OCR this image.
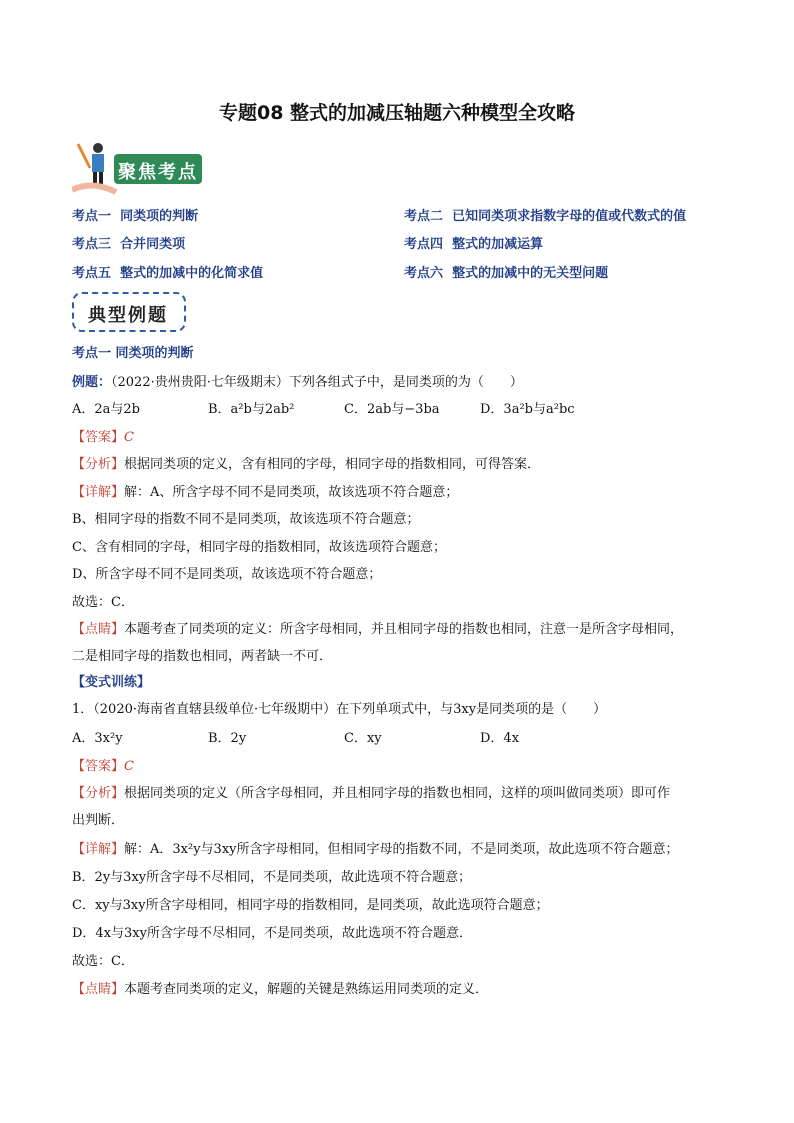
专题08 整式的加减压轴题六种模型全攻略
聚焦考点
考点一 同类项的判断	考点二 已知同类项求指数字母的值或代数式的值
考点三 合并同类项	考点四 整式的加减运算
考点五 整式的加减中的化简求值	考点六 整式的加减中的无关型问题
典型例题
考点一 同类项的判断
例题：（2022·贵州贵阳·七年级期末）下列各组式子中，是同类项的为（　　）
A．2a与2b	B．a²b与2ab²	C．2ab与−3ba	D．3a²b与a²bc
【答案】C
【分析】根据同类项的定义，含有相同的字母，相同字母的指数相同，可得答案．
【详解】解：A、所含字母不同不是同类项，故该选项不符合题意；
B、相同字母的指数不同不是同类项，故该选项不符合题意；
C、含有相同的字母，相同字母的指数相同，故该选项符合题意；
D、所含字母不同不是同类项，故该选项不符合题意；
故选：C．
【点睛】本题考查了同类项的定义：所含字母相同，并且相同字母的指数也相同，注意一是所含字母相同，
二是相同字母的指数也相同，两者缺一不可．
【变式训练】
1．（2020·海南省直辖县级单位·七年级期中）在下列单项式中，与3xy是同类项的是（　　）
A．3x²y	B．2y	C．xy	D．4x
【答案】C
【分析】根据同类项的定义（所含字母相同，并且相同字母的指数也相同，这样的项叫做同类项）即可作
出判断．
【详解】解：A．3x²y与3xy所含字母相同，但相同字母的指数不同，不是同类项，故此选项不符合题意；
B．2y与3xy所含字母不尽相同，不是同类项，故此选项不符合题意；
C．xy与3xy所含字母相同，相同字母的指数相同，是同类项，故此选项符合题意；
D．4x与3xy所含字母不尽相同，不是同类项，故此选项不符合题意．
故选：C．
【点睛】本题考查同类项的定义，解题的关键是熟练运用同类项的定义．
